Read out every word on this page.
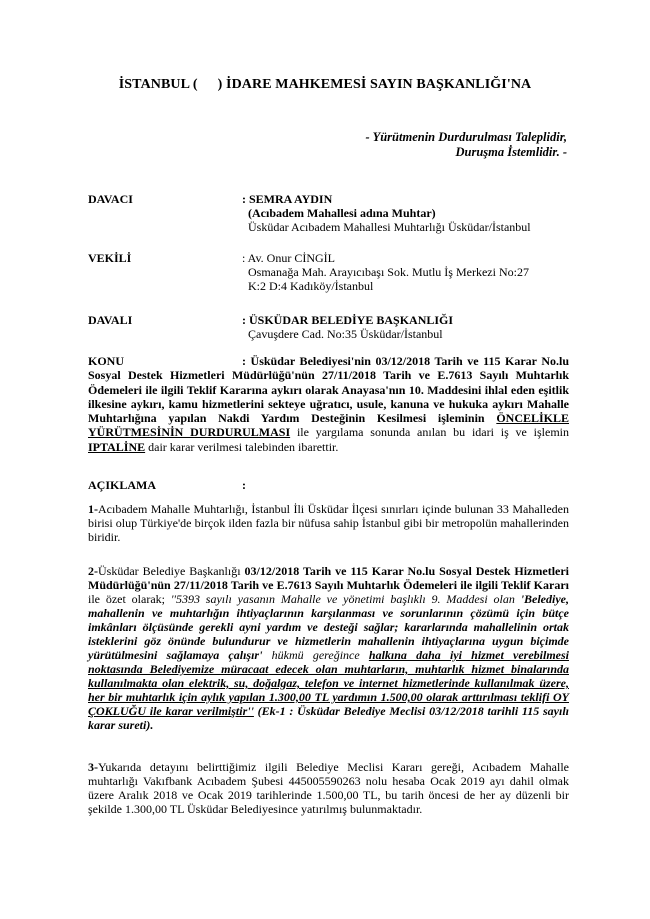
İSTANBUL ( ) İDARE MAHKEMESİ SAYIN BAŞKANLIĞI'NA
- Yürütmenin Durdurulması Taleplidir,
Duruşma İstemlidir. -
DAVACI	: SEMRA AYDIN
(Acıbadem Mahallesi adına Muhtar)
Üsküdar Acıbadem Mahallesi Muhtarlığı Üsküdar/İstanbul
VEKİLİ	: Av. Onur CİNGİL
Osmanağa Mah. Arayıcıbaşı Sok. Mutlu İş Merkezi No:27
K:2 D:4 Kadıköy/İstanbul
DAVALI	: ÜSKÜDAR BELEDİYE BAŞKANLIĞI
Çavuşdere Cad. No:35 Üsküdar/İstanbul
KONU	: Üsküdar Belediyesi'nin 03/12/2018 Tarih ve 115 Karar No.lu Sosyal Destek Hizmetleri Müdürlüğü'nün 27/11/2018 Tarih ve E.7613 Sayılı Muhtarlık Ödemeleri ile ilgili Teklif Kararına aykırı olarak Anayasa'nın 10. Maddesini ihlal eden eşitlik ilkesine aykırı, kamu hizmetlerini sekteye uğratıcı, usule, kanuna ve hukuka aykırı Mahalle Muhtarlığına yapılan Nakdi Yardım Desteğinin Kesilmesi işleminin ÖNCELİKLE YÜRÜTMESİNİN DURDURULMASI ile yargılama sonunda anılan bu idari iş ve işlemin IPTALİNE dair karar verilmesi talebinden ibarettir.
AÇIKLAMA	:
1-Acıbadem Mahalle Muhtarlığı, İstanbul İli Üsküdar İlçesi sınırları içinde bulunan 33 Mahalleden birisi olup Türkiye'de birçok ilden fazla bir nüfusa sahip İstanbul gibi bir metropolün mahallerinden biridir.
2-Üsküdar Belediye Başkanlığı 03/12/2018 Tarih ve 115 Karar No.lu Sosyal Destek Hizmetleri Müdürlüğü'nün 27/11/2018 Tarih ve E.7613 Sayılı Muhtarlık Ödemeleri ile ilgili Teklif Kararı ile özet olarak; ''5393 sayılı yasanın Mahalle ve yönetimi başlıklı 9. Maddesi olan 'Belediye, mahallenin ve muhtarlığın ihtiyaçlarının karşılanması ve sorunlarının çözümü için bütçe imkânları ölçüsünde gerekli ayni yardım ve desteği sağlar; kararlarında mahallelinin ortak isteklerini göz önünde bulundurur ve hizmetlerin mahallenin ihtiyaçlarına uygun biçimde yürütülmesini sağlamaya çalışır' hükmü gereğince halkına daha iyi hizmet verebilmesi noktasında Belediyemize müracaat edecek olan muhtarların, muhtarlık hizmet binalarında kullanılmakta olan elektrik, su, doğalgaz, telefon ve internet hizmetlerinde kullanılmak üzere, her bir muhtarlık için aylık yapılan 1.300,00 TL yardımın 1.500,00 olarak arttırılması teklifi OY ÇOKLUĞU ile karar verilmiştir'' (Ek-1 : Üsküdar Belediye Meclisi 03/12/2018 tarihli 115 sayılı karar sureti).
3-Yukarıda detayını belirttiğimiz ilgili Belediye Meclisi Kararı gereği, Acıbadem Mahalle muhtarlığı Vakıfbank Acıbadem Şubesi 445005590263 nolu hesaba Ocak 2019 ayı dahil olmak üzere Aralık 2018 ve Ocak 2019 tarihlerinde 1.500,00 TL, bu tarih öncesi de her ay düzenli bir şekilde 1.300,00 TL Üsküdar Belediyesince yatırılmış bulunmaktadır.
